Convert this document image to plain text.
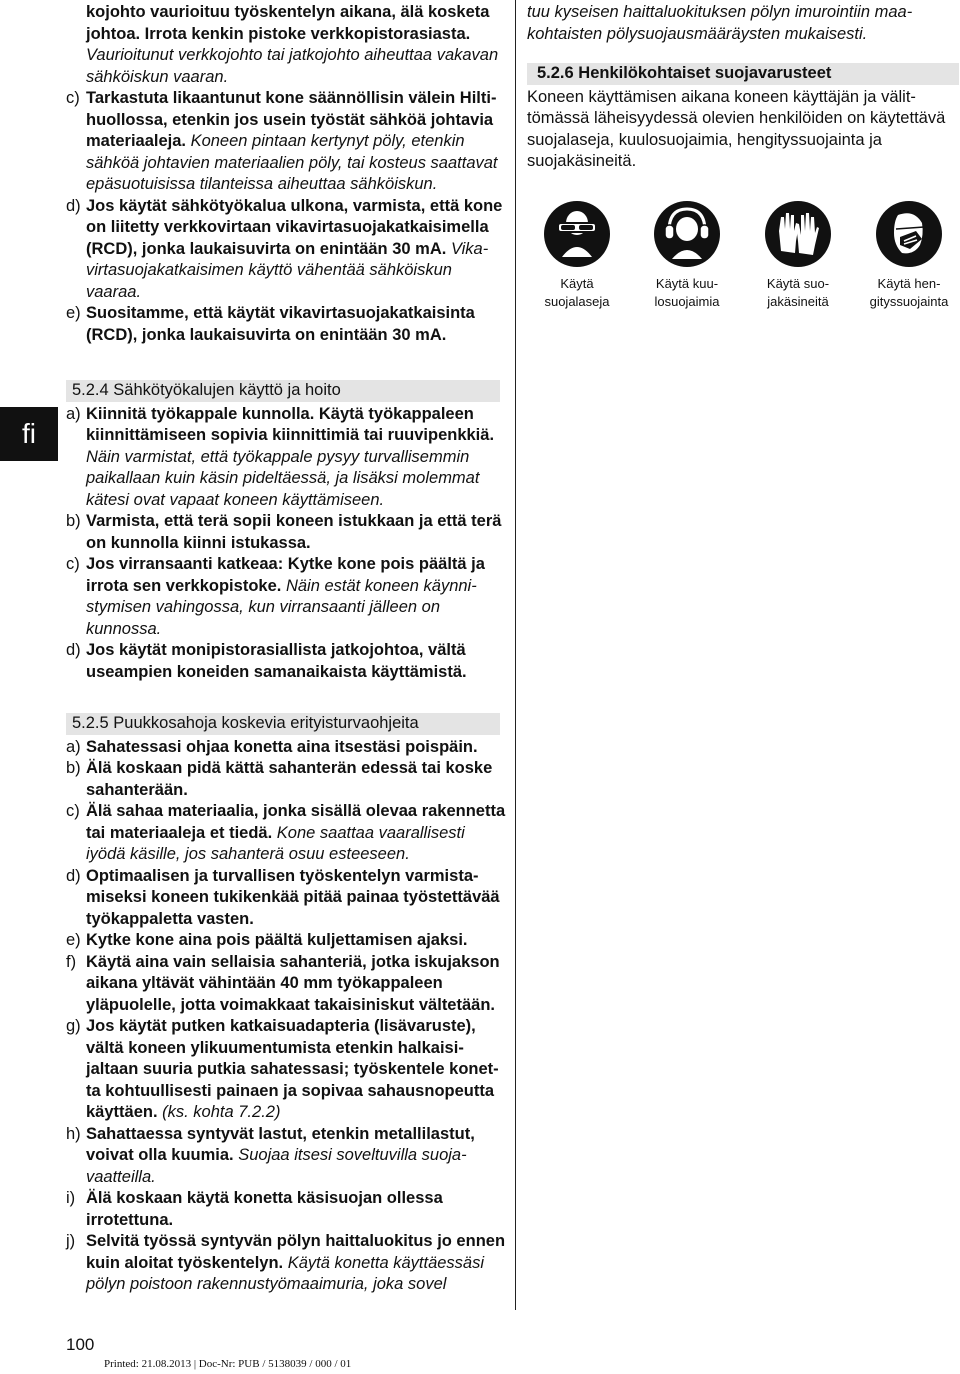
kojohto vaurioituu työskentelyn aikana, älä kosketa johtoa. Irrota kenkin pistoke verkkopistorasiasta. Vaurioitunut verkkojohto tai jatkojohto aiheuttaa vakavan sähköiskun vaaran.
c) Tarkastuta likaantunut kone säännöllisin välein Hilti-huollossa, etenkin jos usein työstät sähköä johtavia materiaaleja. Koneen pintaan kertynyt pöly, etenkin sähköä johtavien materiaalien pöly, tai kosteus saattavat epäsuotuisissa tilanteissa aiheuttaa sähköiskun.
d) Jos käytät sähkötyökalua ulkona, varmista, että kone on liitetty verkkovirtaan vikavirtasuojakatkaisimella (RCD), jonka laukaisuvirta on enintään 30 mA. Vikavirtasuojakatkaisimen käyttö vähentää sähköiskun vaaraa.
e) Suositamme, että käytät vikavirtasuojakatkaisinta (RCD), jonka laukaisuvirta on enintään 30 mA.
fi
5.2.4 Sähkötyökalujen käyttö ja hoito
a) Kiinnitä työkappale kunnolla. Käytä työkappaleen kiinnittämiseen sopivia kiinnittimiä tai ruuvipenkkiä. Näin varmistat, että työkappale pysyy turvallisemmin paikallaan kuin käsin pideltäessä, ja lisäksi molemmat kätesi ovat vapaat koneen käyttämiseen.
b) Varmista, että terä sopii koneen istukkaan ja että terä on kunnolla kiinni istukassa.
c) Jos virransaanti katkeaa: Kytke kone pois päältä ja irrota sen verkkopistoke. Näin estät koneen käynnistymisen vahingossa, kun virransaanti jälleen on kunnossa.
d) Jos käytät monipistorasiallista jatkojohtoa, vältä useampien koneiden samanaikaista käyttämistä.
5.2.5 Puukkosahoja koskevia erityisturvaohjeita
a) Sahatessasi ohjaa konetta aina itsestäsi poispäin.
b) Älä koskaan pidä kättä sahanterän edessä tai koske sahanterään.
c) Älä sahaa materiaalia, jonka sisällä olevaa rakennetta tai materiaaleja et tiedä. Kone saattaa vaarallisesti iyödä käsille, jos sahanterä osuu esteeseen.
d) Optimaalisen ja turvallisen työskentelyn varmistamiseksi koneen tukikenkää pitää painaa työstettävää työkappaletta vasten.
e) Kytke kone aina pois päältä kuljettamisen ajaksi.
f) Käytä aina vain sellaisia sahanteriä, jotka iskujakson aikana yltävät vähintään 40 mm työkappaleen yläpuolelle, jotta voimakkaat takaisiniskut vältetään.
g) Jos käytät putken katkaisuadapteria (lisävaruste), vältä koneen ylikuumentumista etenkin halkaisijaltaan suuria putkia sahatessasi; työskentele konetta kohtuullisesti painaen ja sopivaa sahausnopeutta käyttäen. (ks. kohta 7.2.2)
h) Sahattaessa syntyvät lastut, etenkin metallilastut, voivat olla kuumia. Suojaa itsesi soveltuvilla suojavaatteilla.
i) Älä koskaan käytä konetta käsisuojan ollessa irrotettuna.
j) Selvitä työssä syntyvän pölyn haittaluokitus jo ennen kuin aloitat työskentelyn. Käytä konetta käyttäessäsi pölyn poistoon rakennustyömaaimuria, joka sovel

tuu kyseisen haittaluokituksen pölyn imurointiin maakohtaisten pölysuojausmääräysten mukaisesti.

5.2.6 Henkilökohtaiset suojavarusteet

Koneen käyttämisen aikana koneen käyttäjän ja välittömässä läheisyydessä olevien henkilöiden on käytettävä suojalaseja, kuulosuojaimia, hengityssuojainta ja suojakäsineitä.

Käytä suojalaseja
Käytä kuulosuojaimia
Käytä suojakäsineitä
Käytä hengityssuojainta
100
Printed: 21.08.2013 | Doc-Nr: PUB / 5138039 / 000 / 01
